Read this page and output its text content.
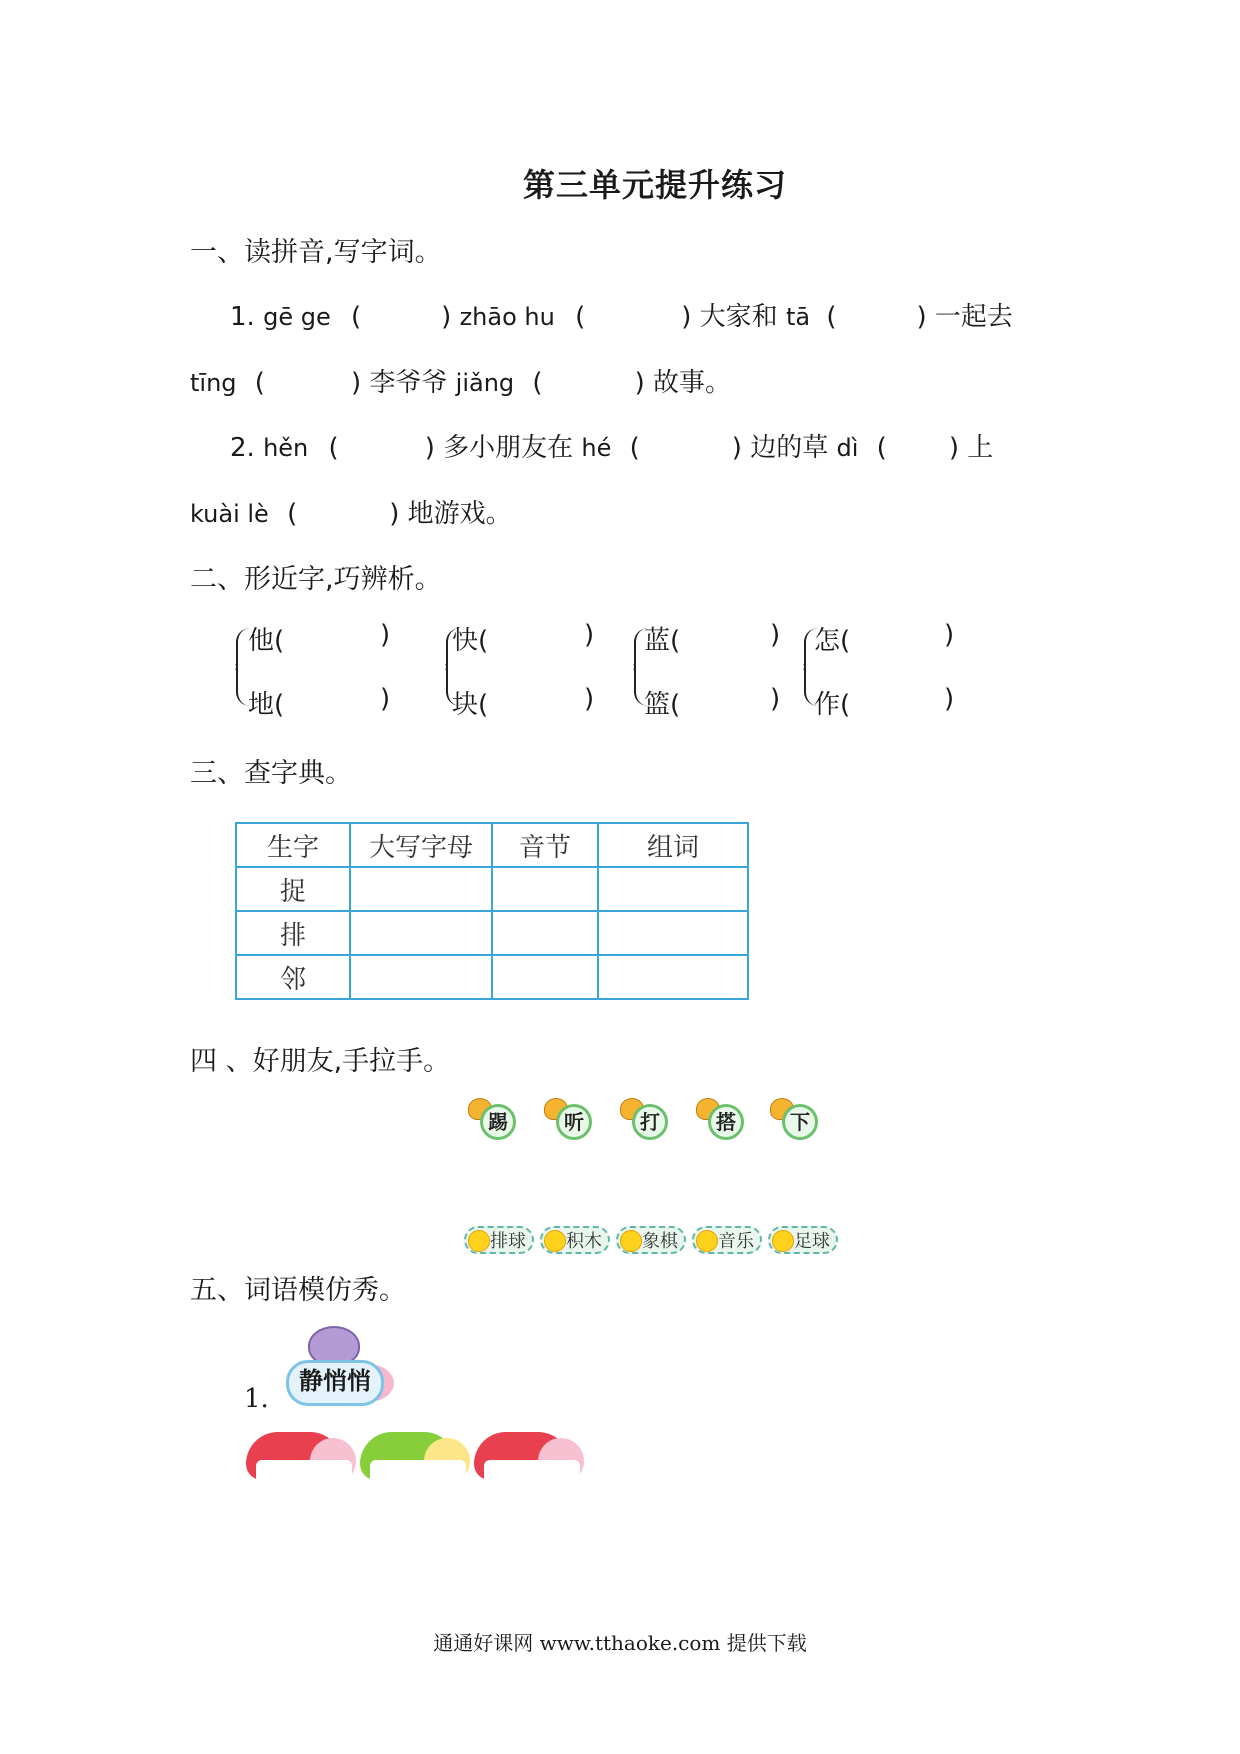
第三单元提升练习
一、读拼音,写字词。
1. gē ge (	) zhāo hu (	) 大家和 tā (	) 一起去
tīng (	) 李爷爷 jiǎng (	) 故事。
2. hěn (	) 多小朋友在 hé (	) 边的草 dì ( ) 上
kuài lè (	) 地游戏。
二、形近字,巧辨析。
他(	)
地(	)
快(	)
块(	)
蓝(	)
篮(	)
怎(	)
作(	)
三、查字典。
生字	大写字母	音节	组词
捉			
排			
邻			
四 、好朋友,手拉手。
踢	听	打	搭	下
排球	积木	象棋	音乐	足球
五、词语模仿秀。
1.
静悄悄
通通好课网 www.tthaoke.com 提供下载
